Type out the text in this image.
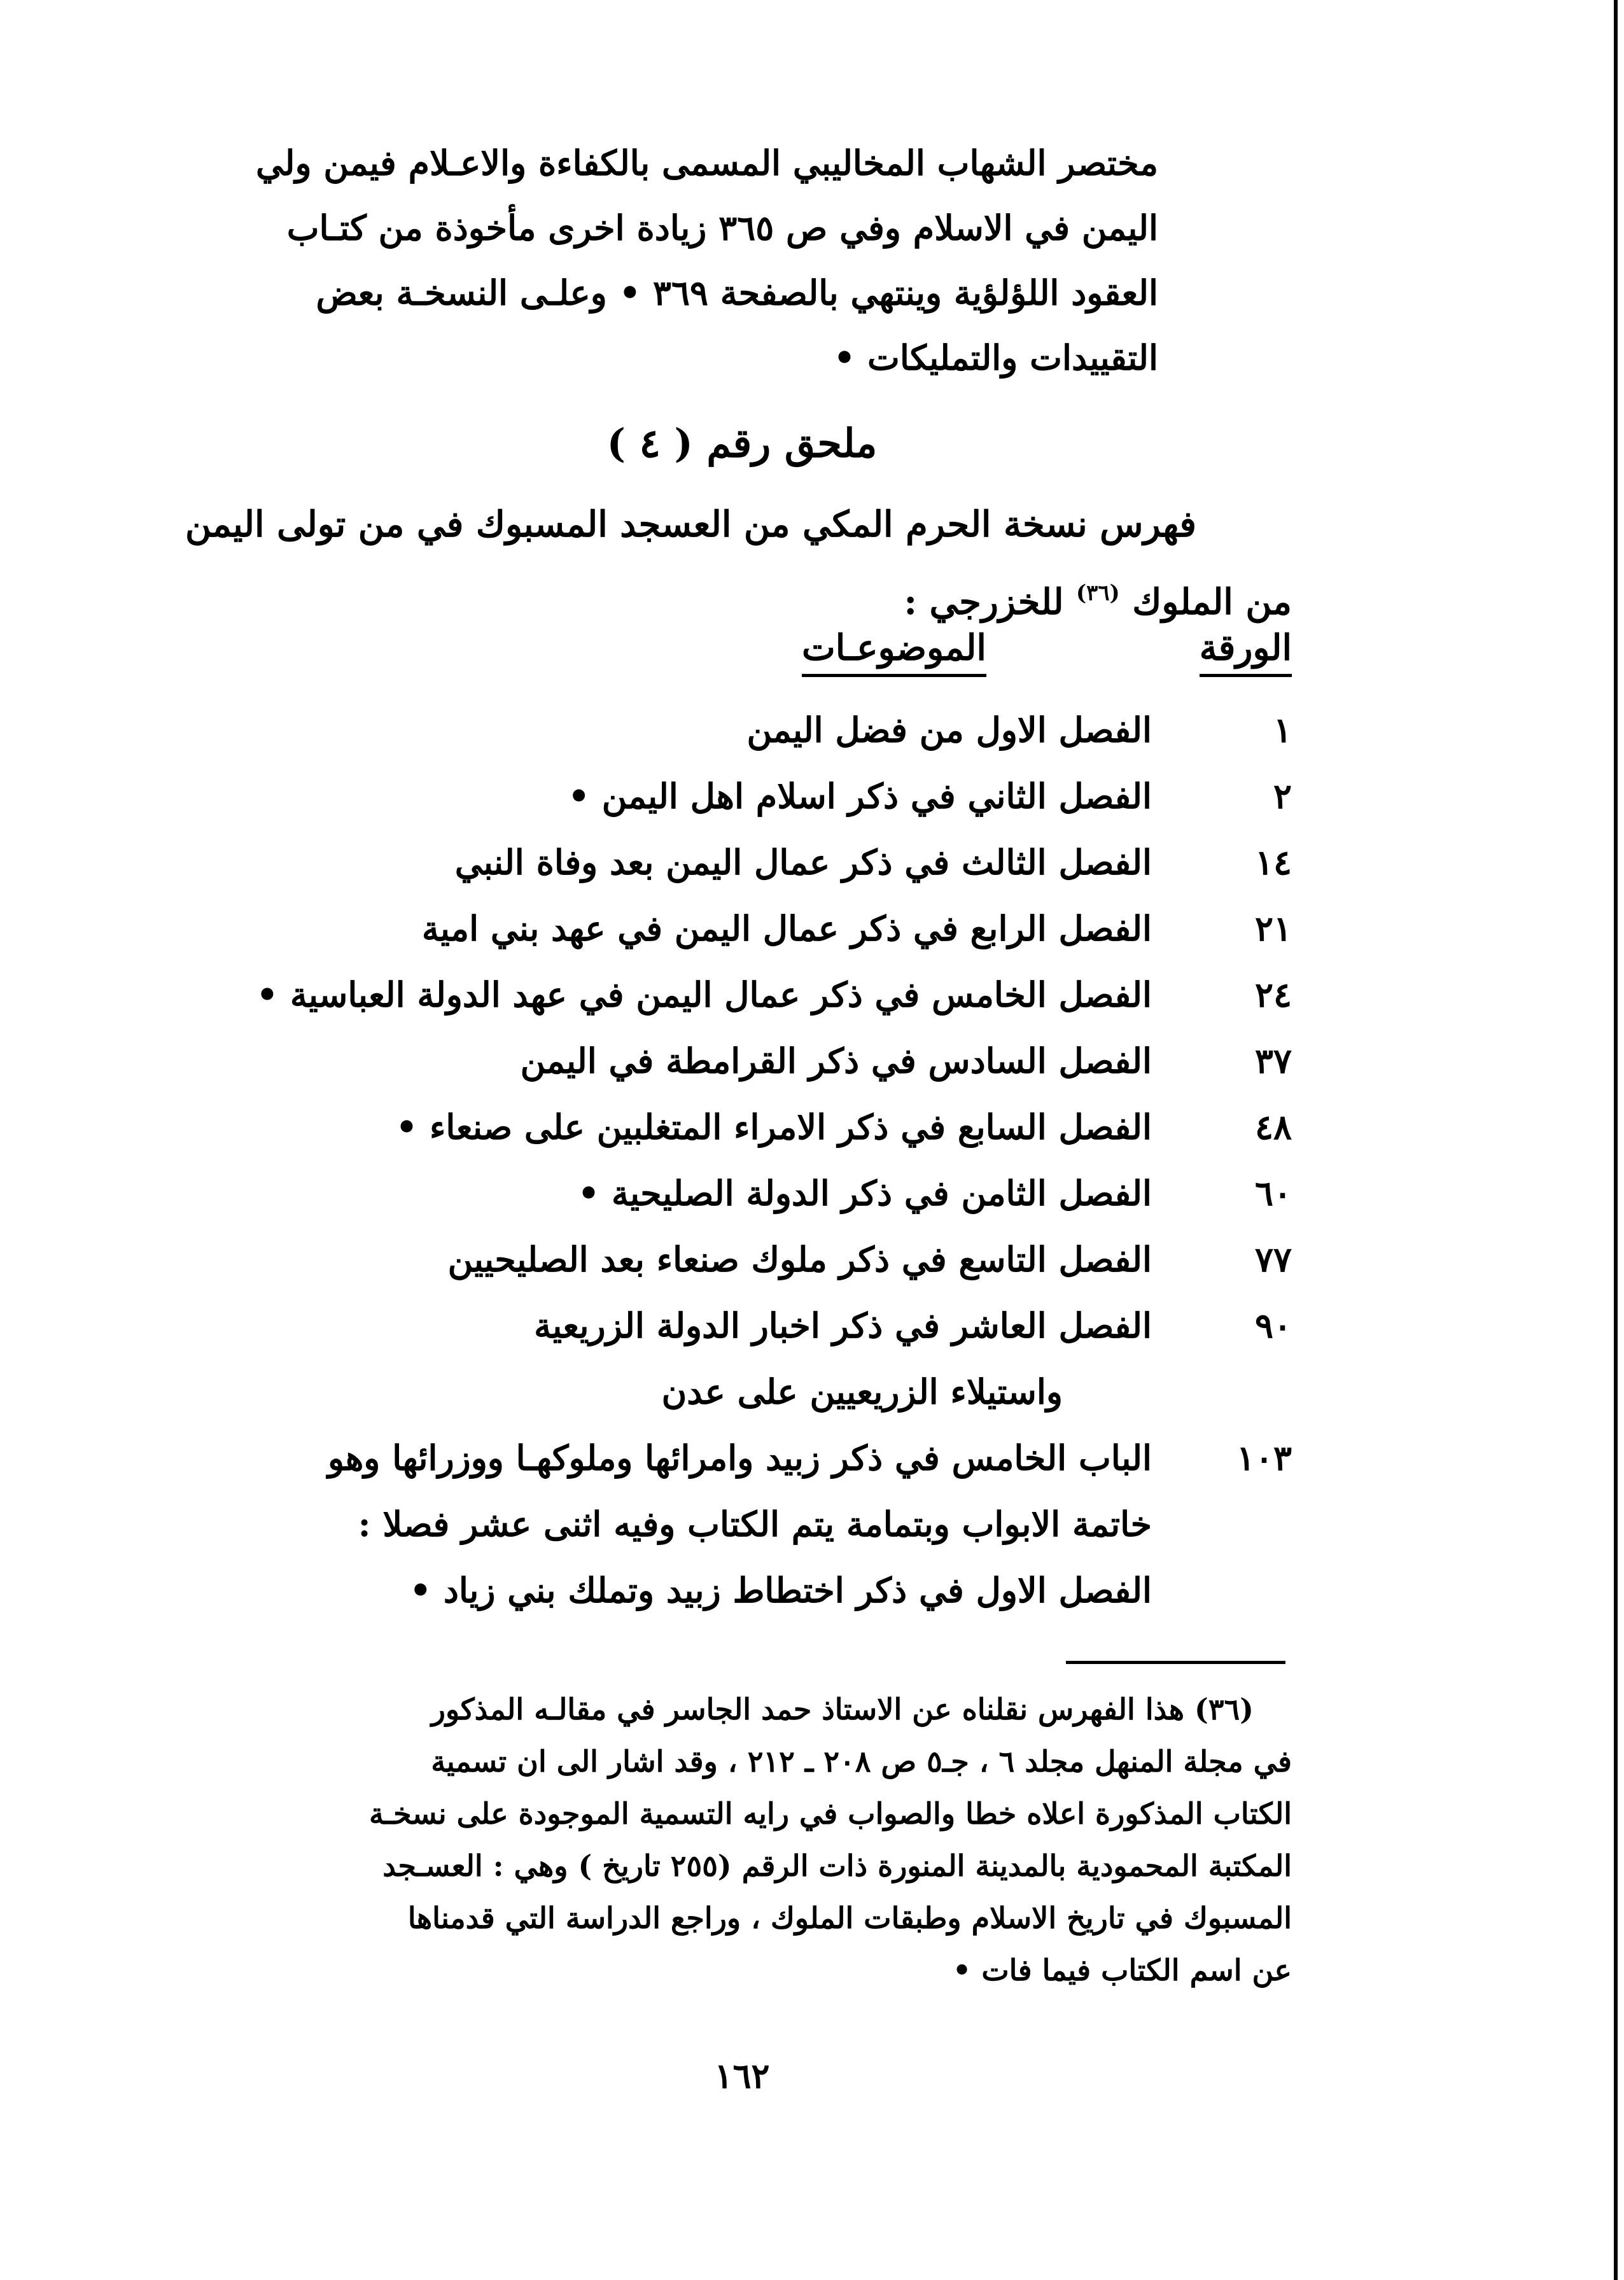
مختصر الشهاب المخاليبي المسمى بالكفاءة والاعـلام فيمن ولي
اليمن في الاسلام وفي ص ٣٦٥ زيادة اخرى مأخوذة من كتـاب
العقود اللؤلؤية وينتهي بالصفحة ٣٦٩ • وعلـى النسخـة بعض
التقييدات والتمليكات •
ملحق رقم ( ٤ )
فهرس نسخة الحرم المكي من العسجد المسبوك في من تولى اليمن
من الملوك $^{(٣٦)}$ للخزرجي :
الورقة
الموضوعـات
١
الفصل الاول من فضل اليمن
٢
الفصل الثاني في ذكر اسلام اهل اليمن •
١٤
الفصل الثالث في ذكر عمال اليمن بعد وفاة النبي
٢١
الفصل الرابع في ذكر عمال اليمن في عهد بني امية
٢٤
الفصل الخامس في ذكر عمال اليمن في عهد الدولة العباسية •
٣٧
الفصل السادس في ذكر القرامطة في اليمن
٤٨
الفصل السابع في ذكر الامراء المتغلبين على صنعاء •
٦٠
الفصل الثامن في ذكر الدولة الصليحية •
٧٧
الفصل التاسع في ذكر ملوك صنعاء بعد الصليحيين
٩٠
الفصل العاشر في ذكر اخبار الدولة الزريعية
واستيلاء الزريعيين على عدن
١٠٣
الباب الخامس في ذكر زبيد وامرائها وملوكهـا ووزرائها وهو
خاتمة الابواب وبتمامة يتم الكتاب وفيه اثنى عشر فصلا :
الفصل الاول في ذكر اختطاط زبيد وتملك بني زياد •
(٣٦) هذا الفهرس نقلناه عن الاستاذ حمد الجاسر في مقالـه المذكور
في مجلة المنهل مجلد ٦ ، جـ٥ ص ٢٠٨ ـ ٢١٢ ، وقد اشار الى ان تسمية
الكتاب المذكورة اعلاه خطا والصواب في رايه التسمية الموجودة على نسخـة
المكتبة المحمودية بالمدينة المنورة ذات الرقم (٢٥٥ تاريخ ) وهي : العسـجد
المسبوك في تاريخ الاسلام وطبقات الملوك ، وراجع الدراسة التي قدمناها
عن اسم الكتاب فيما فات •
١٦٢
